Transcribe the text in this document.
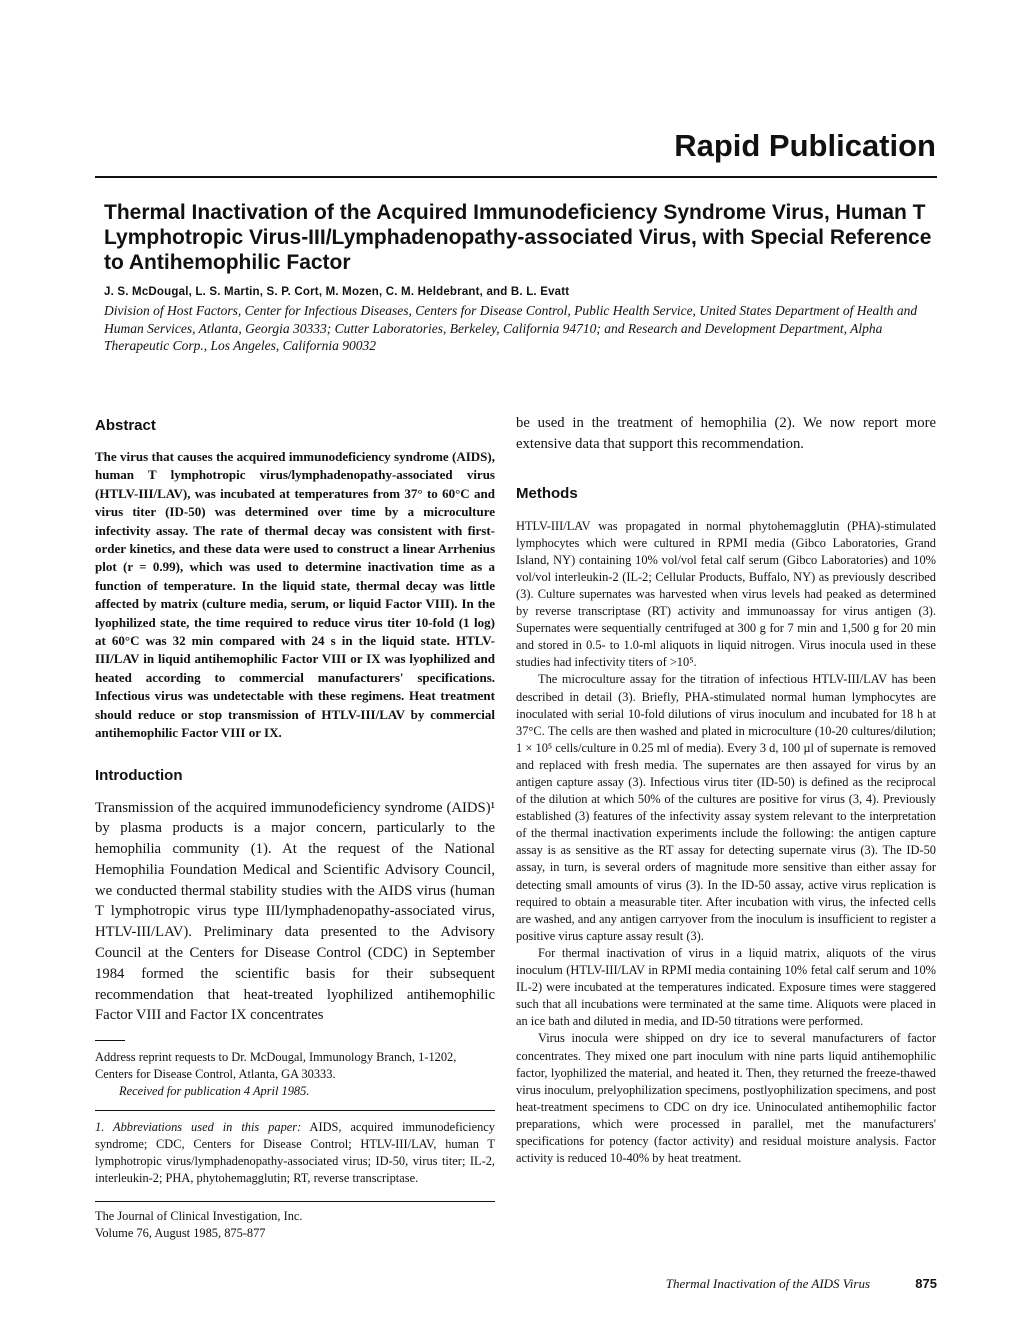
Rapid Publication
Thermal Inactivation of the Acquired Immunodeficiency Syndrome Virus, Human T Lymphotropic Virus-III/Lymphadenopathy-associated Virus, with Special Reference to Antihemophilic Factor
J. S. McDougal, L. S. Martin, S. P. Cort, M. Mozen, C. M. Heldebrant, and B. L. Evatt
Division of Host Factors, Center for Infectious Diseases, Centers for Disease Control, Public Health Service, United States Department of Health and Human Services, Atlanta, Georgia 30333; Cutter Laboratories, Berkeley, California 94710; and Research and Development Department, Alpha Therapeutic Corp., Los Angeles, California 90032
Abstract

The virus that causes the acquired immunodeficiency syndrome (AIDS), human T lymphotropic virus/lymphadenopathy-associated virus (HTLV-III/LAV), was incubated at temperatures from 37° to 60°C and virus titer (ID-50) was determined over time by a microculture infectivity assay. The rate of thermal decay was consistent with first-order kinetics, and these data were used to construct a linear Arrhenius plot (r = 0.99), which was used to determine inactivation time as a function of temperature. In the liquid state, thermal decay was little affected by matrix (culture media, serum, or liquid Factor VIII). In the lyophilized state, the time required to reduce virus titer 10-fold (1 log) at 60°C was 32 min compared with 24 s in the liquid state. HTLV-III/LAV in liquid antihemophilic Factor VIII or IX was lyophilized and heated according to commercial manufacturers' specifications. Infectious virus was undetectable with these regimens. Heat treatment should reduce or stop transmission of HTLV-III/LAV by commercial antihemophilic Factor VIII or IX.

Introduction

Transmission of the acquired immunodeficiency syndrome (AIDS)¹ by plasma products is a major concern, particularly to the hemophilia community (1). At the request of the National Hemophilia Foundation Medical and Scientific Advisory Council, we conducted thermal stability studies with the AIDS virus (human T lymphotropic virus type III/lymphadenopathy-associated virus, HTLV-III/LAV). Preliminary data presented to the Advisory Council at the Centers for Disease Control (CDC) in September 1984 formed the scientific basis for their subsequent recommendation that heat-treated lyophilized antihemophilic Factor VIII and Factor IX concentrates

Address reprint requests to Dr. McDougal, Immunology Branch, 1-1202, Centers for Disease Control, Atlanta, GA 30333.

Received for publication 4 April 1985.

1. Abbreviations used in this paper: AIDS, acquired immunodeficiency syndrome; CDC, Centers for Disease Control; HTLV-III/LAV, human T lymphotropic virus/lymphadenopathy-associated virus; ID-50, virus titer; IL-2, interleukin-2; PHA, phytohemagglutin; RT, reverse transcriptase.

The Journal of Clinical Investigation, Inc.

Volume 76, August 1985, 875-877

be used in the treatment of hemophilia (2). We now report more extensive data that support this recommendation.

Methods

HTLV-III/LAV was propagated in normal phytohemagglutin (PHA)-stimulated lymphocytes which were cultured in RPMI media (Gibco Laboratories, Grand Island, NY) containing 10% vol/vol fetal calf serum (Gibco Laboratories) and 10% vol/vol interleukin-2 (IL-2; Cellular Products, Buffalo, NY) as previously described (3). Culture supernates was harvested when virus levels had peaked as determined by reverse transcriptase (RT) activity and immunoassay for virus antigen (3). Supernates were sequentially centrifuged at 300 g for 7 min and 1,500 g for 20 min and stored in 0.5- to 1.0-ml aliquots in liquid nitrogen. Virus inocula used in these studies had infectivity titers of >10⁵.

The microculture assay for the titration of infectious HTLV-III/LAV has been described in detail (3). Briefly, PHA-stimulated normal human lymphocytes are inoculated with serial 10-fold dilutions of virus inoculum and incubated for 18 h at 37°C. The cells are then washed and plated in microculture (10-20 cultures/dilution; 1 × 10⁵ cells/culture in 0.25 ml of media). Every 3 d, 100 µl of supernate is removed and replaced with fresh media. The supernates are then assayed for virus by an antigen capture assay (3). Infectious virus titer (ID-50) is defined as the reciprocal of the dilution at which 50% of the cultures are positive for virus (3, 4). Previously established (3) features of the infectivity assay system relevant to the interpretation of the thermal inactivation experiments include the following: the antigen capture assay is as sensitive as the RT assay for detecting supernate virus (3). The ID-50 assay, in turn, is several orders of magnitude more sensitive than either assay for detecting small amounts of virus (3). In the ID-50 assay, active virus replication is required to obtain a measurable titer. After incubation with virus, the infected cells are washed, and any antigen carryover from the inoculum is insufficient to register a positive virus capture assay result (3).

For thermal inactivation of virus in a liquid matrix, aliquots of the virus inoculum (HTLV-III/LAV in RPMI media containing 10% fetal calf serum and 10% IL-2) were incubated at the temperatures indicated. Exposure times were staggered such that all incubations were terminated at the same time. Aliquots were placed in an ice bath and diluted in media, and ID-50 titrations were performed.

Virus inocula were shipped on dry ice to several manufacturers of factor concentrates. They mixed one part inoculum with nine parts liquid antihemophilic factor, lyophilized the material, and heated it. Then, they returned the freeze-thawed virus inoculum, prelyophilization specimens, postlyophilization specimens, and post heat-treatment specimens to CDC on dry ice. Uninoculated antihemophilic factor preparations, which were processed in parallel, met the manufacturers' specifications for potency (factor activity) and residual moisture analysis. Factor activity is reduced 10-40% by heat treatment.

Thermal Inactivation of the AIDS Virus	875
